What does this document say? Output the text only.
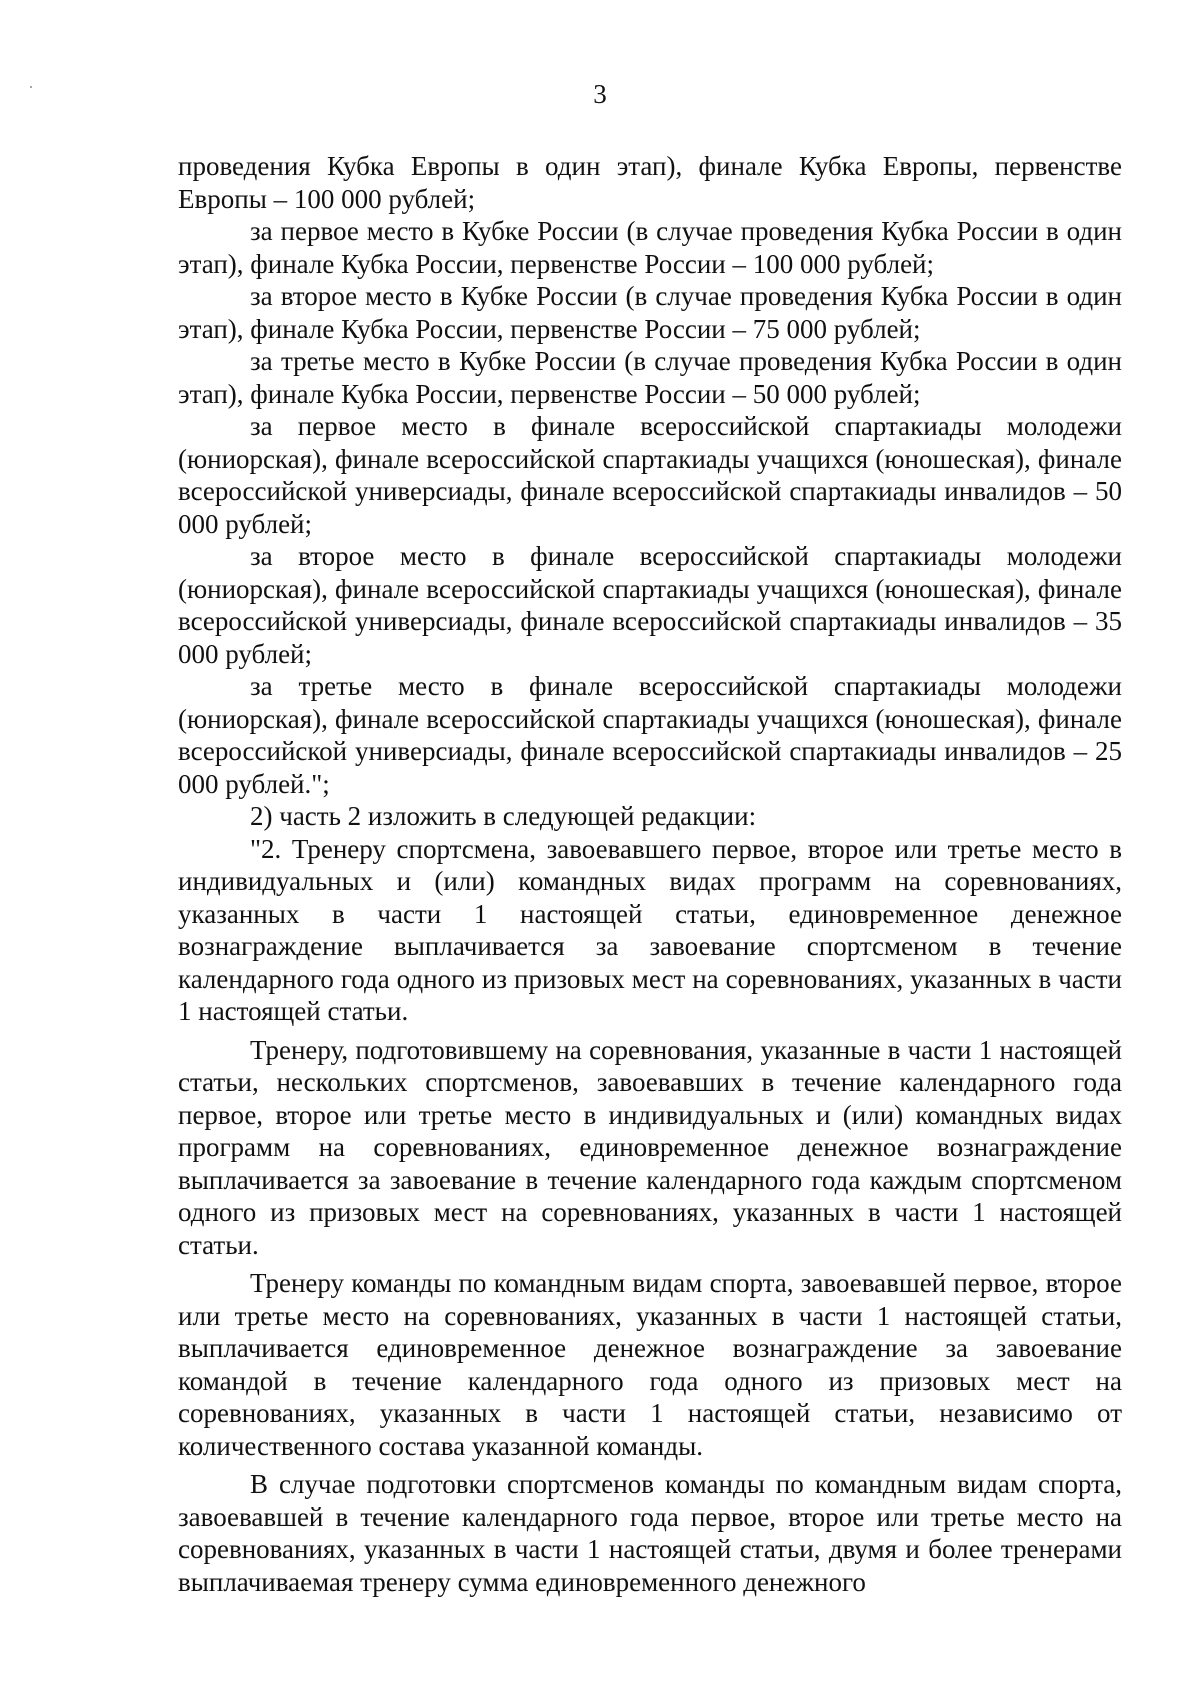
3

проведения Кубка Европы в один этап), финале Кубка Европы, первенстве Европы – 100 000 рублей;

за первое место в Кубке России (в случае проведения Кубка России в один этап), финале Кубка России, первенстве России – 100 000 рублей;

за второе место в Кубке России (в случае проведения Кубка России в один этап), финале Кубка России, первенстве России – 75 000 рублей;

за третье место в Кубке России (в случае проведения Кубка России в один этап), финале Кубка России, первенстве России – 50 000 рублей;

за первое место в финале всероссийской спартакиады молодежи (юниорская), финале всероссийской спартакиады учащихся (юношеская), финале всероссийской универсиады, финале всероссийской спартакиады инвалидов – 50 000 рублей;

за второе место в финале всероссийской спартакиады молодежи (юниорская), финале всероссийской спартакиады учащихся (юношеская), финале всероссийской универсиады, финале всероссийской спартакиады инвалидов – 35 000 рублей;

за третье место в финале всероссийской спартакиады молодежи (юниорская), финале всероссийской спартакиады учащихся (юношеская), финале всероссийской универсиады, финале всероссийской спартакиады инвалидов – 25 000 рублей.";

2) часть 2 изложить в следующей редакции:

"2. Тренеру спортсмена, завоевавшего первое, второе или третье место в индивидуальных и (или) командных видах программ на соревнованиях, указанных в части 1 настоящей статьи, единовременное денежное вознаграждение выплачивается за завоевание спортсменом в течение календарного года одного из призовых мест на соревнованиях, указанных в части 1 настоящей статьи.

Тренеру, подготовившему на соревнования, указанные в части 1 настоящей статьи, нескольких спортсменов, завоевавших в течение календарного года первое, второе или третье место в индивидуальных и (или) командных видах программ на соревнованиях, единовременное денежное вознаграждение выплачивается за завоевание в течение календарного года каждым спортсменом одного из призовых мест на соревнованиях, указанных в части 1 настоящей статьи.

Тренеру команды по командным видам спорта, завоевавшей первое, второе или третье место на соревнованиях, указанных в части 1 настоящей статьи, выплачивается единовременное денежное вознаграждение за завоевание командой в течение календарного года одного из призовых мест на соревнованиях, указанных в части 1 настоящей статьи, независимо от количественного состава указанной команды.

В случае подготовки спортсменов команды по командным видам спорта, завоевавшей в течение календарного года первое, второе или третье место на соревнованиях, указанных в части 1 настоящей статьи, двумя и более тренерами выплачиваемая тренеру сумма единовременного денежного
